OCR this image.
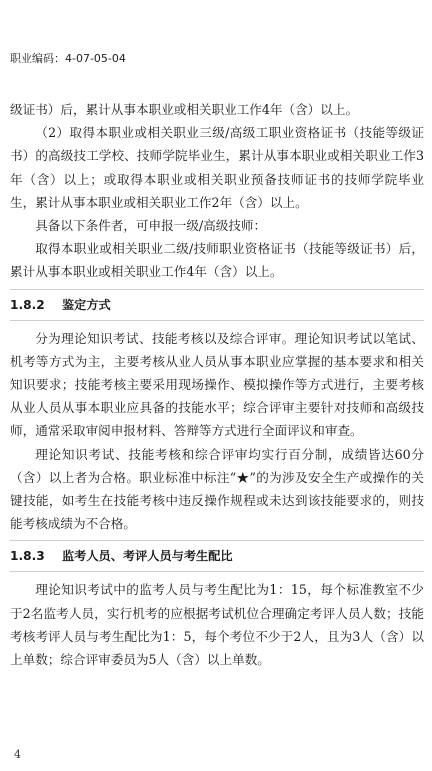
职业编码：4-07-05-04

级证书）后，累计从事本职业或相关职业工作4年（含）以上。

（2）取得本职业或相关职业三级/高级工职业资格证书（技能等级证书）的高级技工学校、技师学院毕业生，累计从事本职业或相关职业工作3年（含）以上；或取得本职业或相关职业预备技师证书的技师学院毕业生，累计从事本职业或相关职业工作2年（含）以上。

具备以下条件者，可申报一级/高级技师：

取得本职业或相关职业二级/技师职业资格证书（技能等级证书）后，累计从事本职业或相关职业工作4年（含）以上。

1.8.2 鉴定方式

分为理论知识考试、技能考核以及综合评审。理论知识考试以笔试、机考等方式为主，主要考核从业人员从事本职业应掌握的基本要求和相关知识要求；技能考核主要采用现场操作、模拟操作等方式进行，主要考核从业人员从事本职业应具备的技能水平；综合评审主要针对技师和高级技师，通常采取审阅申报材料、答辩等方式进行全面评议和审查。

理论知识考试、技能考核和综合评审均实行百分制，成绩皆达60分（含）以上者为合格。职业标准中标注“★”的为涉及安全生产或操作的关键技能，如考生在技能考核中违反操作规程或未达到该技能要求的，则技能考核成绩为不合格。

1.8.3 监考人员、考评人员与考生配比

理论知识考试中的监考人员与考生配比为1：15，每个标准教室不少于2名监考人员，实行机考的应根据考试机位合理确定考评人员人数；技能考核考评人员与考生配比为1：5，每个考位不少于2人，且为3人（含）以上单数；综合评审委员为5人（含）以上单数。

4
